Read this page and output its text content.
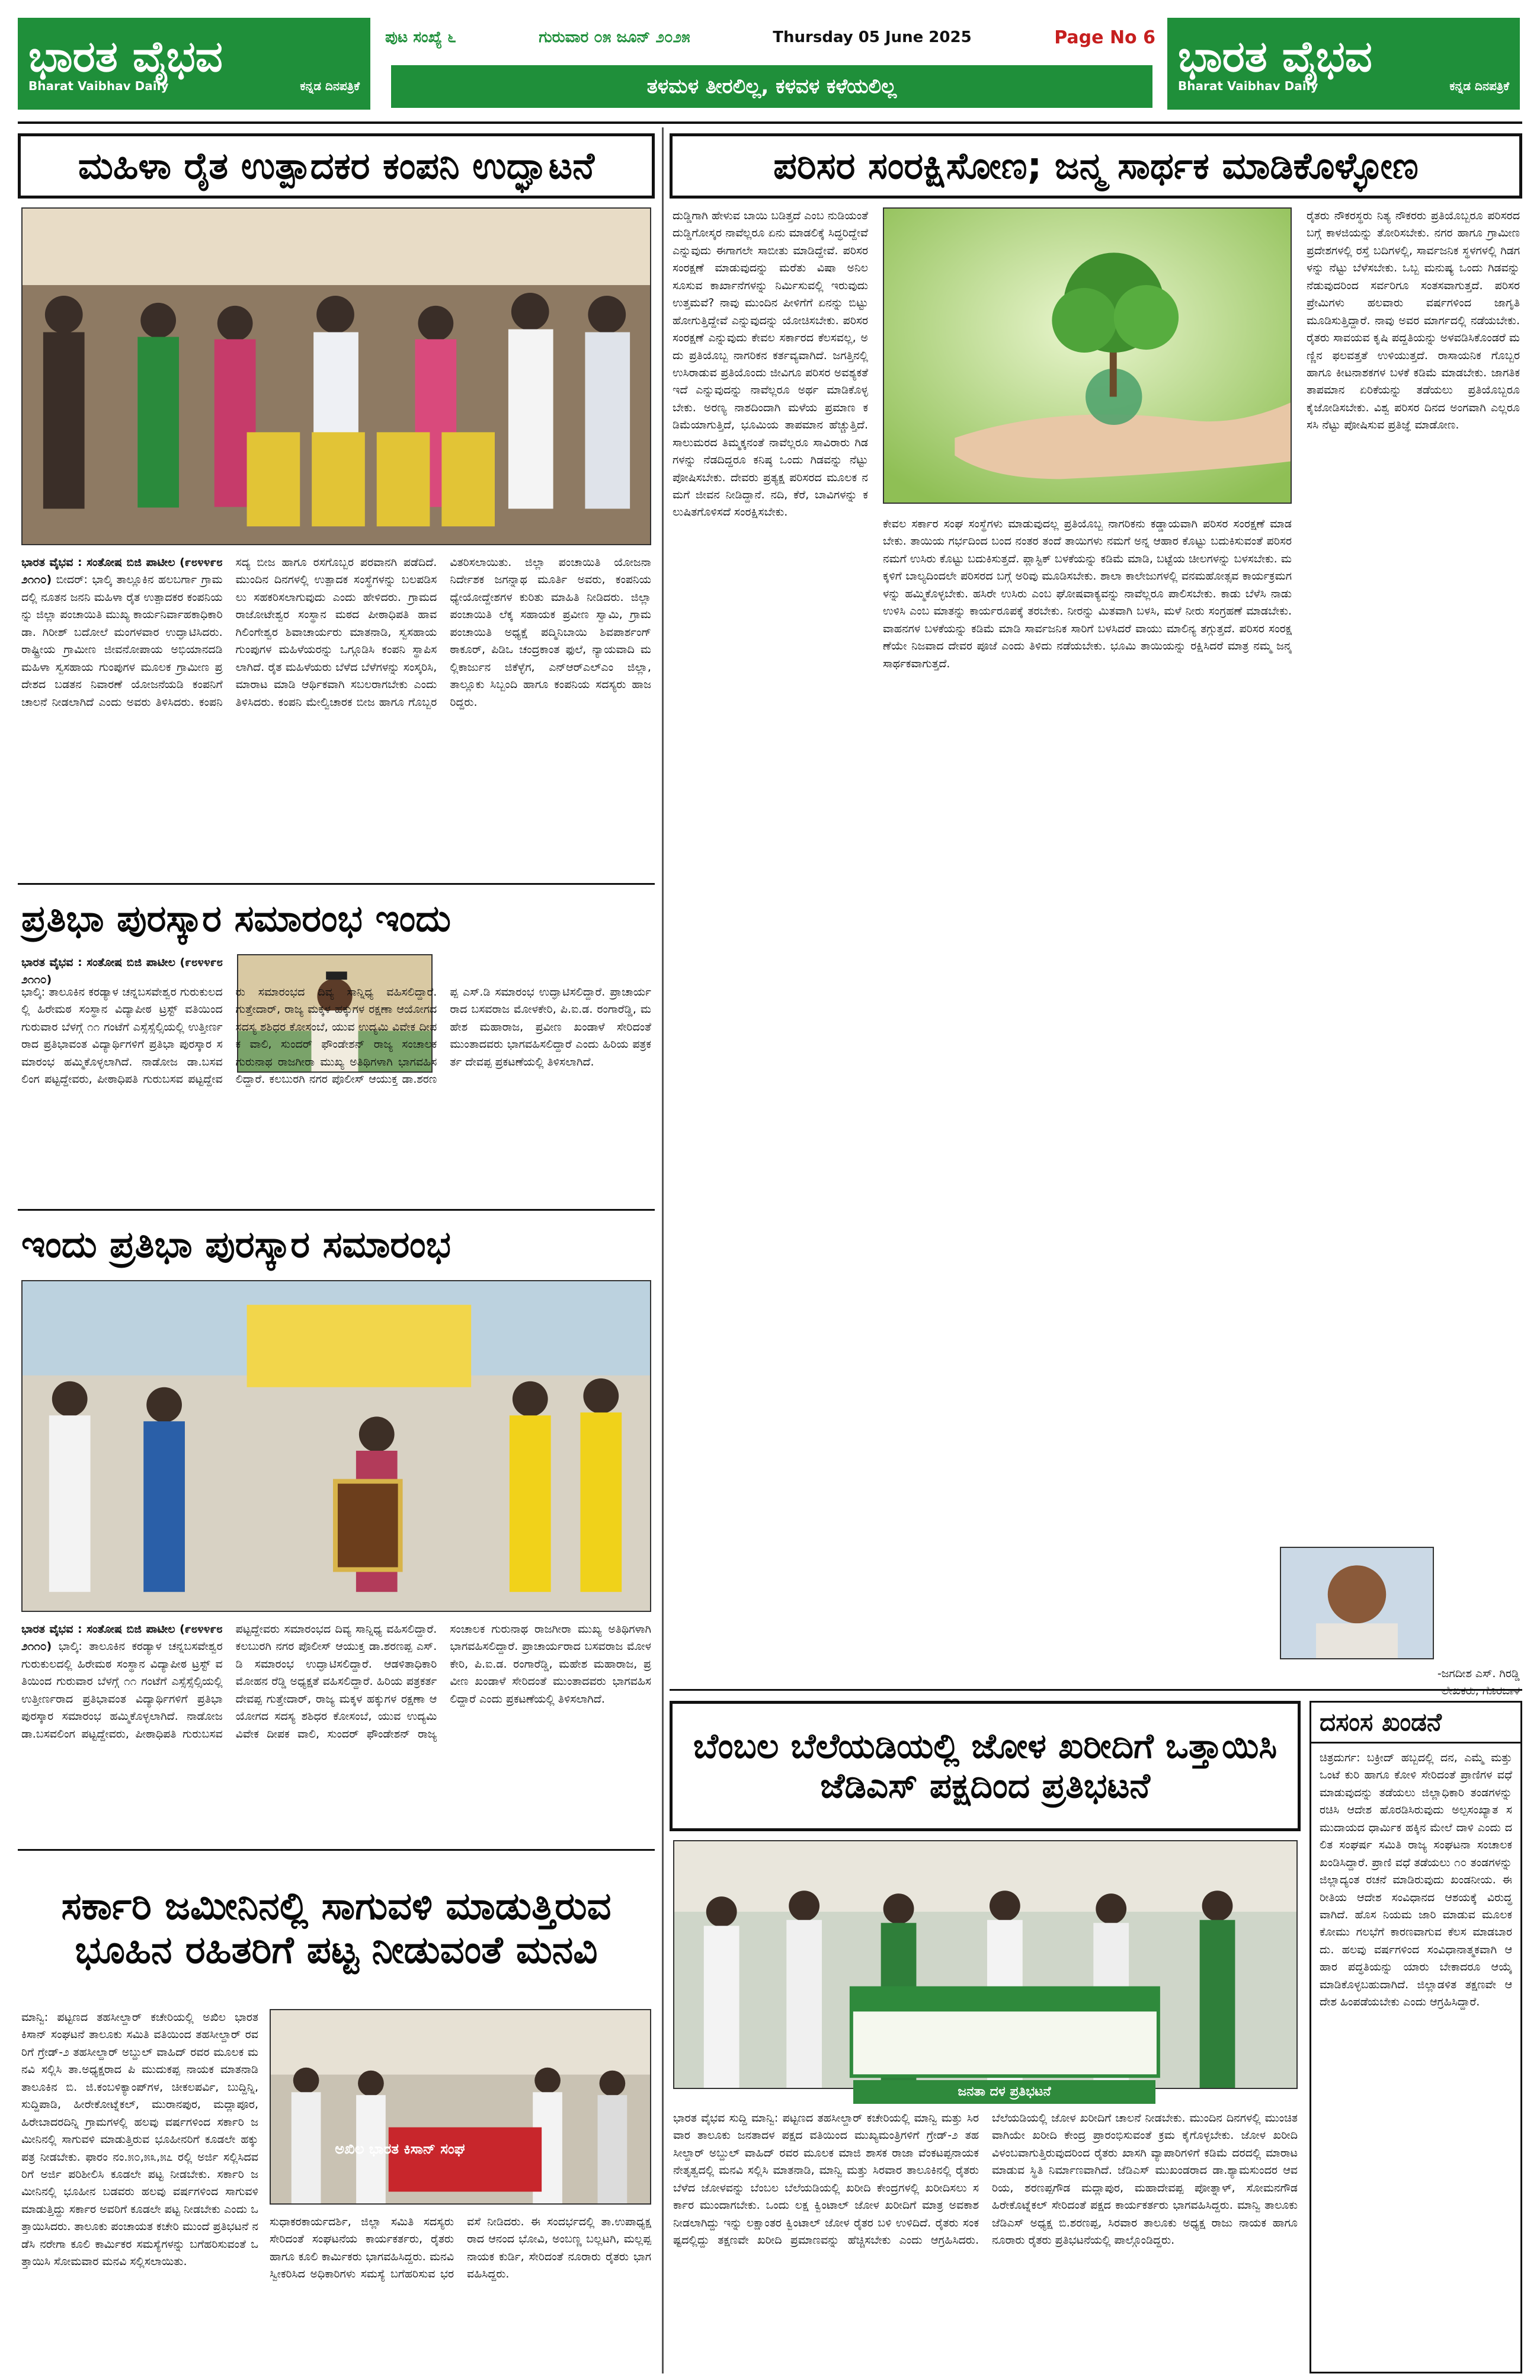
ಭಾರತ ವೈಭವ
Bharat Vaibhav Daily	ಕನ್ನಡ ದಿನಪತ್ರಿಕೆ
ಭಾರತ ವೈಭವ
Bharat Vaibhav Daily	ಕನ್ನಡ ದಿನಪತ್ರಿಕೆ
ಪುಟ ಸಂಖ್ಯೆ ೬	ಗುರುವಾರ ೦೫ ಜೂನ್ ೨೦೨೫	Thursday 05 June 2025	Page No 6
ತಳಮಳ ತೀರಲಿಲ್ಲ, ಕಳವಳ ಕಳೆಯಲಿಲ್ಲ
ಮಹಿಳಾ ರೈತ ಉತ್ಪಾದಕರ ಕಂಪನಿ ಉದ್ಘಾಟನೆ
ಭಾರತ ವೈಭವ : ಸಂತೋಷ ಬಿಜಿ ಪಾಟೀಲ (೯೮೪೪೯೮೨೧೧೦) ಬೀದರ್: ಭಾಲ್ಕಿ ತಾಲ್ಲೂಕಿನ ಹಲಬರ್ಗಾ ಗ್ರಾಮದಲ್ಲಿ ನೂತನ ಜನನಿ ಮಹಿಳಾ ರೈತ ಉತ್ಪಾದಕರ ಕಂಪನಿಯನ್ನು ಜಿಲ್ಲಾ ಪಂಚಾಯಿತಿ ಮುಖ್ಯ ಕಾರ್ಯನಿರ್ವಾಹಕಾಧಿಕಾರಿ ಡಾ. ಗಿರೀಶ್ ಬದೋಲೆ ಮಂಗಳವಾರ ಉದ್ಘಾಟಿಸಿದರು. ರಾಷ್ಟ್ರೀಯ ಗ್ರಾಮೀಣ ಜೀವನೋಪಾಯ ಅಭಿಯಾನದಡಿ ಮಹಿಳಾ ಸ್ವಸಹಾಯ ಗುಂಪುಗಳ ಮೂಲಕ ಗ್ರಾಮೀಣ ಪ್ರದೇಶದ ಬಡತನ ನಿವಾರಣೆ ಯೋಜನೆಯಡಿ ಕಂಪನಿಗೆ ಚಾಲನೆ ನೀಡಲಾಗಿದೆ ಎಂದು ಅವರು ತಿಳಿಸಿದರು. ಕಂಪನಿ ಸದ್ಯ ಬೀಜ ಹಾಗೂ ರಸಗೊಬ್ಬರ ಪರವಾನಗಿ ಪಡೆದಿದೆ. ಮುಂದಿನ ದಿನಗಳಲ್ಲಿ ಉತ್ಪಾದಕ ಸಂಸ್ಥೆಗಳನ್ನು ಬಲಪಡಿಸಲು ಸಹಕರಿಸಲಾಗುವುದು ಎಂದು ಹೇಳಿದರು. ಗ್ರಾಮದ ರಾಜೋಟೇಶ್ವರ ಸಂಸ್ಥಾನ ಮಠದ ಪೀಠಾಧಿಪತಿ ಹಾವಗಿಲಿಂಗೇಶ್ವರ ಶಿವಾಚಾರ್ಯರು ಮಾತನಾಡಿ, ಸ್ವಸಹಾಯ ಗುಂಪುಗಳ ಮಹಿಳೆಯರನ್ನು ಒಗ್ಗೂಡಿಸಿ ಕಂಪನಿ ಸ್ಥಾಪಿಸಲಾಗಿದೆ. ರೈತ ಮಹಿಳೆಯರು ಬೆಳೆದ ಬೆಳೆಗಳನ್ನು ಸಂಸ್ಕರಿಸಿ, ಮಾರಾಟ ಮಾಡಿ ಆರ್ಥಿಕವಾಗಿ ಸಬಲರಾಗಬೇಕು ಎಂದು ತಿಳಿಸಿದರು. ಕಂಪನಿ ಮೇಲ್ವಿಚಾರಕ ಬೀಜ ಹಾಗೂ ಗೊಬ್ಬರ ವಿತರಿಸಲಾಯಿತು. ಜಿಲ್ಲಾ ಪಂಚಾಯಿತಿ ಯೋಜನಾ ನಿರ್ದೇಶಕ ಜಗನ್ನಾಥ ಮೂರ್ತಿ ಅವರು, ಕಂಪನಿಯ ಧ್ಯೇಯೋದ್ದೇಶಗಳ ಕುರಿತು ಮಾಹಿತಿ ನೀಡಿದರು. ಜಿಲ್ಲಾ ಪಂಚಾಯಿತಿ ಲೆಕ್ಕ ಸಹಾಯಕ ಪ್ರವೀಣ ಸ್ವಾಮಿ, ಗ್ರಾಮ ಪಂಚಾಯಿತಿ ಅಧ್ಯಕ್ಷೆ ಪದ್ಮಿನಿಬಾಯಿ ಶಿವಪಾರ್ಶಂಗ್ ಠಾಕೂರ್, ಪಿಡಿಒ ಚಂದ್ರಕಾಂತ ಫುಲೆ, ನ್ಯಾಯವಾದಿ ಮಲ್ಲಿಕಾರ್ಜುನ ಜಿಕೆಳ್ಳೆಗ, ಎನ್‌ಆರ್‌ಎಲ್‌ಎಂ ಜಿಲ್ಲಾ, ತಾಲ್ಲೂಕು ಸಿಬ್ಬಂದಿ ಹಾಗೂ ಕಂಪನಿಯ ಸದಸ್ಯರು ಹಾಜರಿದ್ದರು.
ಪ್ರತಿಭಾ ಪುರಸ್ಕಾರ ಸಮಾರಂಭ ಇಂದು
ಭಾರತ ವೈಭವ : ಸಂತೋಷ ಬಿಜಿ ಪಾಟೀಲ (೯೮೪೪೯೮೨೧೧೦)
ಭಾಲ್ಕಿ: ತಾಲೂಕಿನ ಕರಡ್ಯಾಳ ಚನ್ನಬಸವೇಶ್ವರ ಗುರುಕುಲದಲ್ಲಿ ಹಿರೇಮಠ ಸಂಸ್ಥಾನ ವಿದ್ಯಾಪೀಠ ಟ್ರಸ್ಟ್ ವತಿಯಿಂದ ಗುರುವಾರ ಬೆಳಗ್ಗೆ ೧೧ ಗಂಟೆಗೆ ಎಸ್ಸೆಸ್ಸೆಲ್ಸಿಯಲ್ಲಿ ಉತ್ತೀರ್ಣರಾದ ಪ್ರತಿಭಾವಂತ ವಿದ್ಯಾರ್ಥಿಗಳಿಗೆ ಪ್ರತಿಭಾ ಪುರಸ್ಕಾರ ಸಮಾರಂಭ ಹಮ್ಮಿಕೊಳ್ಳಲಾಗಿದೆ. ನಾಡೋಜ ಡಾ.ಬಸವಲಿಂಗ ಪಟ್ಟದ್ದೇವರು, ಪೀಠಾಧಿಪತಿ ಗುರುಬಸವ ಪಟ್ಟದ್ದೇವರು ಸಮಾರಂಭದ ದಿವ್ಯ ಸಾನ್ನಿಧ್ಯ ವಹಿಸಲಿದ್ದಾರೆ. ಗುತ್ತೇದಾರ್, ರಾಜ್ಯ ಮಕ್ಕಳ ಹಕ್ಕುಗಳ ರಕ್ಷಣಾ ಆಯೋಗದ ಸದಸ್ಯ ಶಶಿಧರ ಕೋಸಂಬೆ, ಯುವ ಉದ್ಯಮಿ ವಿವೇಕ ದೀಪಕ ವಾಲಿ, ಸುಂದರ್ ಫೌಂಡೇಶನ್ ರಾಜ್ಯ ಸಂಚಾಲಕ ಗುರುನಾಥ ರಾಜಗೀರಾ ಮುಖ್ಯ ಅತಿಥಿಗಳಾಗಿ ಭಾಗವಹಿಸಲಿದ್ದಾರೆ. ಕಲಬುರಗಿ ನಗರ ಪೊಲೀಸ್ ಆಯುಕ್ತ ಡಾ.ಶರಣಪ್ಪ ಎಸ್.ಡಿ ಸಮಾರಂಭ ಉದ್ಘಾಟಿಸಲಿದ್ದಾರೆ. ಪ್ರಾಚಾರ್ಯರಾದ ಬಸವರಾಜ ಮೋಳಕೇರಿ, ಪಿ.ಐ.ಡ. ರಂಗಾರೆಡ್ಡಿ, ಮಹೇಶ ಮಹಾರಾಜ, ಪ್ರವೀಣ ಖಂಡಾಳೆ ಸೇರಿದಂತೆ ಮುಂತಾದವರು ಭಾಗವಹಿಸಲಿದ್ದಾರೆ ಎಂದು ಹಿರಿಯ ಪತ್ರಕರ್ತ ದೇವಪ್ಪ ಪ್ರಕಟಣೆಯಲ್ಲಿ ತಿಳಿಸಲಾಗಿದೆ.
ಇಂದು ಪ್ರತಿಭಾ ಪುರಸ್ಕಾರ ಸಮಾರಂಭ
ಭಾರತ ವೈಭವ : ಸಂತೋಷ ಬಿಜಿ ಪಾಟೀಲ (೯೮೪೪೯೮೨೧೧೦) ಭಾಲ್ಕಿ: ತಾಲೂಕಿನ ಕರಡ್ಯಾಳ ಚನ್ನಬಸವೇಶ್ವರ ಗುರುಕುಲದಲ್ಲಿ ಹಿರೇಮಠ ಸಂಸ್ಥಾನ ವಿದ್ಯಾಪೀಠ ಟ್ರಸ್ಟ್ ವತಿಯಿಂದ ಗುರುವಾರ ಬೆಳಗ್ಗೆ ೧೧ ಗಂಟೆಗೆ ಎಸ್ಸೆಸ್ಸೆಲ್ಸಿಯಲ್ಲಿ ಉತ್ತೀರ್ಣರಾದ ಪ್ರತಿಭಾವಂತ ವಿದ್ಯಾರ್ಥಿಗಳಿಗೆ ಪ್ರತಿಭಾ ಪುರಸ್ಕಾರ ಸಮಾರಂಭ ಹಮ್ಮಿಕೊಳ್ಳಲಾಗಿದೆ. ನಾಡೋಜ ಡಾ.ಬಸವಲಿಂಗ ಪಟ್ಟದ್ದೇವರು, ಪೀಠಾಧಿಪತಿ ಗುರುಬಸವ ಪಟ್ಟದ್ದೇವರು ಸಮಾರಂಭದ ದಿವ್ಯ ಸಾನ್ನಿಧ್ಯ ವಹಿಸಲಿದ್ದಾರೆ. ಕಲಬುರಗಿ ನಗರ ಪೊಲೀಸ್ ಆಯುಕ್ತ ಡಾ.ಶರಣಪ್ಪ ಎಸ್.ಡಿ ಸಮಾರಂಭ ಉದ್ಘಾಟಿಸಲಿದ್ದಾರೆ. ಆಡಳಿತಾಧಿಕಾರಿ ಮೋಹನ ರೆಡ್ಡಿ ಅಧ್ಯಕ್ಷತೆ ವಹಿಸಲಿದ್ದಾರೆ. ಹಿರಿಯ ಪತ್ರಕರ್ತ ದೇವಪ್ಪ ಗುತ್ತೇದಾರ್, ರಾಜ್ಯ ಮಕ್ಕಳ ಹಕ್ಕುಗಳ ರಕ್ಷಣಾ ಆಯೋಗದ ಸದಸ್ಯ ಶಶಿಧರ ಕೋಸಂಬೆ, ಯುವ ಉದ್ಯಮಿ ವಿವೇಕ ದೀಪಕ ವಾಲಿ, ಸುಂದರ್ ಫೌಂಡೇಶನ್ ರಾಜ್ಯ ಸಂಚಾಲಕ ಗುರುನಾಥ ರಾಜಗೀರಾ ಮುಖ್ಯ ಅತಿಥಿಗಳಾಗಿ ಭಾಗವಹಿಸಲಿದ್ದಾರೆ. ಪ್ರಾಚಾರ್ಯರಾದ ಬಸವರಾಜ ಮೋಳಕೇರಿ, ಪಿ.ಐ.ಡ. ರಂಗಾರೆಡ್ಡಿ, ಮಹೇಶ ಮಹಾರಾಜ, ಪ್ರವೀಣ ಖಂಡಾಳೆ ಸೇರಿದಂತೆ ಮುಂತಾದವರು ಭಾಗವಹಿಸಲಿದ್ದಾರೆ ಎಂದು ಪ್ರಕಟಣೆಯಲ್ಲಿ ತಿಳಿಸಲಾಗಿದೆ.
ಸರ್ಕಾರಿ ಜಮೀನಿನಲ್ಲಿ ಸಾಗುವಳಿ ಮಾಡುತ್ತಿರುವ ಭೂಹಿನ ರಹಿತರಿಗೆ ಪಟ್ಟ ನೀಡುವಂತೆ ಮನವಿ
ಮಾನ್ವಿ: ಪಟ್ಟಣದ ತಹಸೀಲ್ದಾರ್ ಕಚೇರಿಯಲ್ಲಿ ಅಖಿಲ ಭಾರತ ಕಿಸಾನ್ ಸಂಘಟನೆ ತಾಲೂಕು ಸಮಿತಿ ವತಿಯಿಂದ ತಹಸೀಲ್ದಾರ್ ರವರಿಗೆ ಗ್ರೇಡ್-೨ ತಹಸೀಲ್ದಾರ್ ಅಬ್ದುಲ್ ವಾಹಿದ್ ರವರ ಮೂಲಕ ಮನವಿ ಸಲ್ಲಿಸಿ ತಾ.ಅಧ್ಯಕ್ಷರಾದ ಪಿ ಮುದುಕಪ್ಪ ನಾಯಕ ಮಾತನಾಡಿ ತಾಲೂಕಿನ ಬಿ. ಜಿ.ಕಂಬಳಿಕ್ಯಾಂಪ್‌ಗಳ, ಚೀಕಲಪರ್ವಿ, ಬುದ್ದಿನ್ನಿ, ಸುದ್ದಿಪಾಡಿ, ಹೀರೇಕೋಟ್ನೆಕಲ್, ಮುರಾನಪುರ, ಮದ್ಲಾಪೂರ, ಹಿರೇಬಾದರದಿನ್ನಿ ಗ್ರಾಮಗಳಲ್ಲಿ ಹಲವು ವರ್ಷಗಳಿಂದ ಸರ್ಕಾರಿ ಜಮೀನಿನಲ್ಲಿ ಸಾಗುವಳಿ ಮಾಡುತ್ತಿರುವ ಭೂಹೀನರಿಗೆ ಕೂಡಲೇ ಹಕ್ಕು ಪತ್ರ ನೀಡಬೇಕು. ಫಾರಂ ನಂ.೫೦,೫೩,೫೭ ರಲ್ಲಿ ಅರ್ಜಿ ಸಲ್ಲಿಸಿದವರಿಗೆ ಅರ್ಜಿ ಪರಿಶೀಲಿಸಿ ಕೂಡಲೇ ಪಟ್ಟ ನೀಡಬೇಕು. ಸರ್ಕಾರಿ ಜಮೀನಿನಲ್ಲಿ ಭೂಹೀನ ಬಡವರು ಹಲವು ವರ್ಷಗಳಿಂದ ಸಾಗುವಳಿ ಮಾಡುತ್ತಿದ್ದು ಸರ್ಕಾರ ಅವರಿಗೆ ಕೂಡಲೇ ಪಟ್ಟ ನೀಡಬೇಕು ಎಂದು ಒತ್ತಾಯಿಸಿದರು. ತಾಲೂಕು ಪಂಚಾಯತ ಕಚೇರಿ ಮುಂದೆ ಪ್ರತಿಭಟನೆ ನಡೆಸಿ ನರೇಗಾ ಕೂಲಿ ಕಾರ್ಮಿಕರ ಸಮಸ್ಯೆಗಳನ್ನು ಬಗೆಹರಿಸುವಂತೆ ಒತ್ತಾಯಿಸಿ ಸೋಮವಾರ ಮನವಿ ಸಲ್ಲಿಸಲಾಯಿತು.
ಅಖಿಲ ಭಾರತ ಕಿಸಾನ್ ಸಂಘ
ಸುಧಾಕರಕಾರ್ಯದರ್ಶಿ, ಜಿಲ್ಲಾ ಸಮಿತಿ ಸದಸ್ಯರು ಸೇರಿದಂತೆ ಸಂಘಟನೆಯ ಕಾರ್ಯಕರ್ತರು, ರೈತರು ಹಾಗೂ ಕೂಲಿ ಕಾರ್ಮಿಕರು ಭಾಗವಹಿಸಿದ್ದರು. ಮನವಿ ಸ್ವೀಕರಿಸಿದ ಅಧಿಕಾರಿಗಳು ಸಮಸ್ಯೆ ಬಗೆಹರಿಸುವ ಭರವಸೆ ನೀಡಿದರು. ಈ ಸಂದರ್ಭದಲ್ಲಿ ತಾ.ಉಪಾಧ್ಯಕ್ಷರಾದ ಆನಂದ ಭೋವಿ, ಅಂಬಣ್ಣ ಬಲ್ಲಟಗಿ, ಮಲ್ಲಪ್ಪ ನಾಯಕ ಕುರ್ಡಿ, ಸೇರಿದಂತೆ ನೂರಾರು ರೈತರು ಭಾಗವಹಿಸಿದ್ದರು.
ಪರಿಸರ ಸಂರಕ್ಷಿಸೋಣ; ಜನ್ಮ ಸಾರ್ಥಕ ಮಾಡಿಕೊಳ್ಳೋಣ
ದುಡ್ಡಿಗಾಗಿ ಹೇಳುವ ಬಾಯಿ ಬಡಿತ್ತದೆ ಎಂಬ ನುಡಿಯಂತೆ ದುಡ್ಡಿಗೋಸ್ಕರ ನಾವೆಲ್ಲರೂ ಏನು ಮಾಡಲಿಕ್ಕೆ ಸಿದ್ಧರಿದ್ದೇವೆ ಎನ್ನುವುದು ಈಗಾಗಲೇ ಸಾಬೀತು ಮಾಡಿದ್ದೇವೆ. ಪರಿಸರ ಸಂರಕ್ಷಣೆ ಮಾಡುವುದನ್ನು ಮರೆತು ವಿಷಾ ಅನಿಲ ಸೂಸುವ ಕಾರ್ಖಾನೆಗಳನ್ನು ನಿರ್ಮಿಸುವಲ್ಲಿ ಇರುವುದು ಉತ್ತಮವೆ? ನಾವು ಮುಂದಿನ ಪೀಳಿಗೆಗೆ ಏನನ್ನು ಬಿಟ್ಟು ಹೋಗುತ್ತಿದ್ದೇವೆ ಎನ್ನುವುದನ್ನು ಯೋಚಿಸಬೇಕು. ಪರಿಸರ ಸಂರಕ್ಷಣೆ ಎನ್ನುವುದು ಕೇವಲ ಸರ್ಕಾರದ ಕೆಲಸವಲ್ಲ, ಅದು ಪ್ರತಿಯೊಬ್ಬ ನಾಗರಿಕನ ಕರ್ತವ್ಯವಾಗಿದೆ. ಜಗತ್ತಿನಲ್ಲಿ ಉಸಿರಾಡುವ ಪ್ರತಿಯೊಂದು ಜೀವಿಗೂ ಪರಿಸರ ಅವಶ್ಯಕತೆ ಇದೆ ಎನ್ನುವುದನ್ನು ನಾವೆಲ್ಲರೂ ಅರ್ಥ ಮಾಡಿಕೊಳ್ಳಬೇಕು. ಅರಣ್ಯ ನಾಶದಿಂದಾಗಿ ಮಳೆಯ ಪ್ರಮಾಣ ಕಡಿಮೆಯಾಗುತ್ತಿದೆ, ಭೂಮಿಯ ತಾಪಮಾನ ಹೆಚ್ಚುತ್ತಿದೆ. ಸಾಲುಮರದ ತಿಮ್ಮಕ್ಕನಂತೆ ನಾವೆಲ್ಲರೂ ಸಾವಿರಾರು ಗಿಡಗಳನ್ನು ನೆಡದಿದ್ದರೂ ಕನಿಷ್ಠ ಒಂದು ಗಿಡವನ್ನು ನೆಟ್ಟು ಪೋಷಿಸಬೇಕು. ದೇವರು ಪ್ರತ್ಯಕ್ಷ ಪರಿಸರದ ಮೂಲಕ ನಮಗೆ ಜೀವನ ನೀಡಿದ್ದಾನೆ. ನದಿ, ಕೆರೆ, ಬಾವಿಗಳನ್ನು ಕಲುಷಿತಗೊಳಿಸದೆ ಸಂರಕ್ಷಿಸಬೇಕು.
ರೈತರು ನೌಕರಸ್ಥರು ನಿತ್ಯ ನೌಕರರು ಪ್ರತಿಯೊಬ್ಬರೂ ಪರಿಸರದ ಬಗ್ಗೆ ಕಾಳಜಿಯನ್ನು ತೋರಿಸಬೇಕು. ನಗರ ಹಾಗೂ ಗ್ರಾಮೀಣ ಪ್ರದೇಶಗಳಲ್ಲಿ ರಸ್ತೆ ಬದಿಗಳಲ್ಲಿ, ಸಾರ್ವಜನಿಕ ಸ್ಥಳಗಳಲ್ಲಿ ಗಿಡಗಳನ್ನು ನೆಟ್ಟು ಬೆಳೆಸಬೇಕು. ಒಬ್ಬ ಮನುಷ್ಯ ಒಂದು ಗಿಡವನ್ನು ನೆಡುವುದರಿಂದ ಸರ್ವರಿಗೂ ಸಂತಸವಾಗುತ್ತದೆ. ಪರಿಸರ ಪ್ರೇಮಿಗಳು ಹಲವಾರು ವರ್ಷಗಳಿಂದ ಜಾಗೃತಿ ಮೂಡಿಸುತ್ತಿದ್ದಾರೆ. ನಾವು ಅವರ ಮಾರ್ಗದಲ್ಲಿ ನಡೆಯಬೇಕು. ರೈತರು ಸಾವಯವ ಕೃಷಿ ಪದ್ದತಿಯನ್ನು ಅಳವಡಿಸಿಕೊಂಡರೆ ಮಣ್ಣಿನ ಫಲವತ್ತತೆ ಉಳಿಯುತ್ತದೆ. ರಾಸಾಯನಿಕ ಗೊಬ್ಬರ ಹಾಗೂ ಕೀಟನಾಶಕಗಳ ಬಳಕೆ ಕಡಿಮೆ ಮಾಡಬೇಕು. ಜಾಗತಿಕ ತಾಪಮಾನ ಏರಿಕೆಯನ್ನು ತಡೆಯಲು ಪ್ರತಿಯೊಬ್ಬರೂ ಕೈಜೋಡಿಸಬೇಕು. ವಿಶ್ವ ಪರಿಸರ ದಿನದ ಅಂಗವಾಗಿ ಎಲ್ಲರೂ ಸಸಿ ನೆಟ್ಟು ಪೋಷಿಸುವ ಪ್ರತಿಜ್ಞೆ ಮಾಡೋಣ.
ಕೇವಲ ಸರ್ಕಾರ ಸಂಘ ಸಂಸ್ಥೆಗಳು ಮಾಡುವುದಲ್ಲ ಪ್ರತಿಯೊಬ್ಬ ನಾಗರಿಕನು ಕಡ್ಡಾಯವಾಗಿ ಪರಿಸರ ಸಂರಕ್ಷಣೆ ಮಾಡಬೇಕು. ತಾಯಿಯ ಗರ್ಭದಿಂದ ಬಂದ ನಂತರ ತಂದೆ ತಾಯಿಗಳು ನಮಗೆ ಅನ್ನ ಆಹಾರ ಕೊಟ್ಟು ಬದುಕಿಸುವಂತೆ ಪರಿಸರ ನಮಗೆ ಉಸಿರು ಕೊಟ್ಟು ಬದುಕಿಸುತ್ತದೆ. ಪ್ಲಾಸ್ಟಿಕ್ ಬಳಕೆಯನ್ನು ಕಡಿಮೆ ಮಾಡಿ, ಬಟ್ಟೆಯ ಚೀಲಗಳನ್ನು ಬಳಸಬೇಕು. ಮಕ್ಕಳಿಗೆ ಬಾಲ್ಯದಿಂದಲೇ ಪರಿಸರದ ಬಗ್ಗೆ ಅರಿವು ಮೂಡಿಸಬೇಕು. ಶಾಲಾ ಕಾಲೇಜುಗಳಲ್ಲಿ ವನಮಹೋತ್ಸವ ಕಾರ್ಯಕ್ರಮಗಳನ್ನು ಹಮ್ಮಿಕೊಳ್ಳಬೇಕು. ಹಸಿರೇ ಉಸಿರು ಎಂಬ ಘೋಷವಾಕ್ಯವನ್ನು ನಾವೆಲ್ಲರೂ ಪಾಲಿಸಬೇಕು. ಕಾಡು ಬೆಳೆಸಿ ನಾಡು ಉಳಿಸಿ ಎಂಬ ಮಾತನ್ನು ಕಾರ್ಯರೂಪಕ್ಕೆ ತರಬೇಕು. ನೀರನ್ನು ಮಿತವಾಗಿ ಬಳಸಿ, ಮಳೆ ನೀರು ಸಂಗ್ರಹಣೆ ಮಾಡಬೇಕು. ವಾಹನಗಳ ಬಳಕೆಯನ್ನು ಕಡಿಮೆ ಮಾಡಿ ಸಾರ್ವಜನಿಕ ಸಾರಿಗೆ ಬಳಸಿದರೆ ವಾಯು ಮಾಲಿನ್ಯ ತಗ್ಗುತ್ತದೆ. ಪರಿಸರ ಸಂರಕ್ಷಣೆಯೇ ನಿಜವಾದ ದೇವರ ಪೂಜೆ ಎಂದು ತಿಳಿದು ನಡೆಯಬೇಕು. ಭೂಮಿ ತಾಯಿಯನ್ನು ರಕ್ಷಿಸಿದರೆ ಮಾತ್ರ ನಮ್ಮ ಜನ್ಮ ಸಾರ್ಥಕವಾಗುತ್ತದೆ.
-ಜಗದೀಶ ಎಸ್. ಗಿರಡ್ಡಿ
ಬೆಂಬಲ ಬೆಲೆಯಡಿಯಲ್ಲಿ ಜೋಳ ಖರೀದಿಗೆ ಒತ್ತಾಯಿಸಿ ಜೆಡಿಎಸ್ ಪಕ್ಷದಿಂದ ಪ್ರತಿಭಟನೆ
ಜನತಾ ದಳ ಪ್ರತಿಭಟನೆ
ಭಾರತ ವೈಭವ ಸುದ್ದಿ ಮಾನ್ವಿ: ಪಟ್ಟಣದ ತಹಸೀಲ್ದಾರ್ ಕಚೇರಿಯಲ್ಲಿ ಮಾನ್ವಿ ಮತ್ತು ಸಿರವಾರ ತಾಲೂಕು ಜನತಾದಳ ಪಕ್ಷದ ವತಿಯಿಂದ ಮುಖ್ಯಮಂತ್ರಿಗಳಿಗೆ ಗ್ರೇಡ್-೨ ತಹಸೀಲ್ದಾರ್ ಅಬ್ದುಲ್ ವಾಹಿದ್ ರವರ ಮೂಲಕ ಮಾಜಿ ಶಾಸಕ ರಾಜಾ ವೆಂಕಟಪ್ಪನಾಯಕ ನೇತೃತ್ವದಲ್ಲಿ ಮನವಿ ಸಲ್ಲಿಸಿ ಮಾತನಾಡಿ, ಮಾನ್ವಿ ಮತ್ತು ಸಿರವಾರ ತಾಲೂಕಿನಲ್ಲಿ ರೈತರು ಬೆಳೆದ ಜೋಳವನ್ನು ಬೆಂಬಲ ಬೆಲೆಯಡಿಯಲ್ಲಿ ಖರೀದಿ ಕೇಂದ್ರಗಳಲ್ಲಿ ಖರೀದಿಸಲು ಸರ್ಕಾರ ಮುಂದಾಗಬೇಕು. ಒಂದು ಲಕ್ಷ ಕ್ವಿಂಟಾಲ್ ಜೋಳ ಖರೀದಿಗೆ ಮಾತ್ರ ಅವಕಾಶ ನೀಡಲಾಗಿದ್ದು ಇನ್ನು ಲಕ್ಷಾಂತರ ಕ್ವಿಂಟಾಲ್ ಜೋಳ ರೈತರ ಬಳಿ ಉಳಿದಿದೆ. ರೈತರು ಸಂಕಷ್ಟದಲ್ಲಿದ್ದು ತಕ್ಷಣವೇ ಖರೀದಿ ಪ್ರಮಾಣವನ್ನು ಹೆಚ್ಚಿಸಬೇಕು ಎಂದು ಆಗ್ರಹಿಸಿದರು. ಬೆಲೆಯಡಿಯಲ್ಲಿ ಜೋಳ ಖರೀದಿಗೆ ಚಾಲನೆ ನೀಡಬೇಕು. ಮುಂದಿನ ದಿನಗಳಲ್ಲಿ ಮುಂಚಿತವಾಗಿಯೇ ಖರೀದಿ ಕೇಂದ್ರ ಪ್ರಾರಂಭಿಸುವಂತೆ ಕ್ರಮ ಕೈಗೊಳ್ಳಬೇಕು. ಜೋಳ ಖರೀದಿ ವಿಳಂಬವಾಗುತ್ತಿರುವುದರಿಂದ ರೈತರು ಖಾಸಗಿ ವ್ಯಾಪಾರಿಗಳಿಗೆ ಕಡಿಮೆ ದರದಲ್ಲಿ ಮಾರಾಟ ಮಾಡುವ ಸ್ಥಿತಿ ನಿರ್ಮಾಣವಾಗಿದೆ. ಜೆಡಿಎಸ್ ಮುಖಂಡರಾದ ಡಾ.ಶ್ಯಾಮಸುಂದರ ಆವರಿಯ, ಶರಣಪ್ಪಗೌಡ ಮದ್ಲಾಪುರ, ಮಹಾದೇವಪ್ಪ ಪೋತ್ನಾಳ್, ಸೋಮನಗೌಡ ಹಿರೇಕೊಟ್ನೆಕಲ್ ಸೇರಿದಂತೆ ಪಕ್ಷದ ಕಾರ್ಯಕರ್ತರು ಭಾಗವಹಿಸಿದ್ದರು. ಮಾನ್ವಿ ತಾಲೂಕು ಜೆಡಿಎಸ್ ಅಧ್ಯಕ್ಷ ಬಿ.ಶರಣಪ್ಪ, ಸಿರವಾರ ತಾಲೂಕು ಅಧ್ಯಕ್ಷ ರಾಜು ನಾಯಕ ಹಾಗೂ ನೂರಾರು ರೈತರು ಪ್ರತಿಭಟನೆಯಲ್ಲಿ ಪಾಲ್ಗೊಂಡಿದ್ದರು.
ದಸಂಸ ಖಂಡನೆ
ಚಿತ್ರದುರ್ಗ: ಬಕ್ರೀದ್ ಹಬ್ಬದಲ್ಲಿ ದನ, ಎಮ್ಮೆ ಮತ್ತು ಒಂಟೆ ಕುರಿ ಹಾಗೂ ಕೋಳಿ ಸೇರಿದಂತೆ ಪ್ರಾಣಿಗಳ ವಧೆ ಮಾಡುವುದನ್ನು ತಡೆಯಲು ಜಿಲ್ಲಾಧಿಕಾರಿ ತಂಡಗಳನ್ನು ರಚಿಸಿ ಆದೇಶ ಹೊರಡಿಸಿರುವುದು ಅಲ್ಪಸಂಖ್ಯಾತ ಸಮುದಾಯದ ಧಾರ್ಮಿಕ ಹಕ್ಕಿನ ಮೇಲೆ ದಾಳಿ ಎಂದು ದಲಿತ ಸಂಘರ್ಷ ಸಮಿತಿ ರಾಜ್ಯ ಸಂಘಟನಾ ಸಂಚಾಲಕ ಖಂಡಿಸಿದ್ದಾರೆ. ಪ್ರಾಣಿ ವಧೆ ತಡೆಯಲು ೧೦ ತಂಡಗಳನ್ನು ಜಿಲ್ಲಾದ್ಯಂತ ರಚನೆ ಮಾಡಿರುವುದು ಖಂಡನೀಯ. ಈ ರೀತಿಯ ಆದೇಶ ಸಂವಿಧಾನದ ಆಶಯಕ್ಕೆ ವಿರುದ್ಧವಾಗಿದೆ. ಹೊಸ ನಿಯಮ ಜಾರಿ ಮಾಡುವ ಮೂಲಕ ಕೋಮು ಗಲಭೆಗೆ ಕಾರಣವಾಗುವ ಕೆಲಸ ಮಾಡಬಾರದು. ಹಲವು ವರ್ಷಗಳಿಂದ ಸಂವಿಧಾನಾತ್ಮಕವಾಗಿ ಆಹಾರ ಪದ್ಧತಿಯನ್ನು ಯಾರು ಬೇಕಾದರೂ ಆಯ್ಕೆ ಮಾಡಿಕೊಳ್ಳಬಹುದಾಗಿದೆ. ಜಿಲ್ಲಾಡಳಿತ ತಕ್ಷಣವೇ ಆದೇಶ ಹಿಂಪಡೆಯಬೇಕು ಎಂದು ಆಗ್ರಹಿಸಿದ್ದಾರೆ.
